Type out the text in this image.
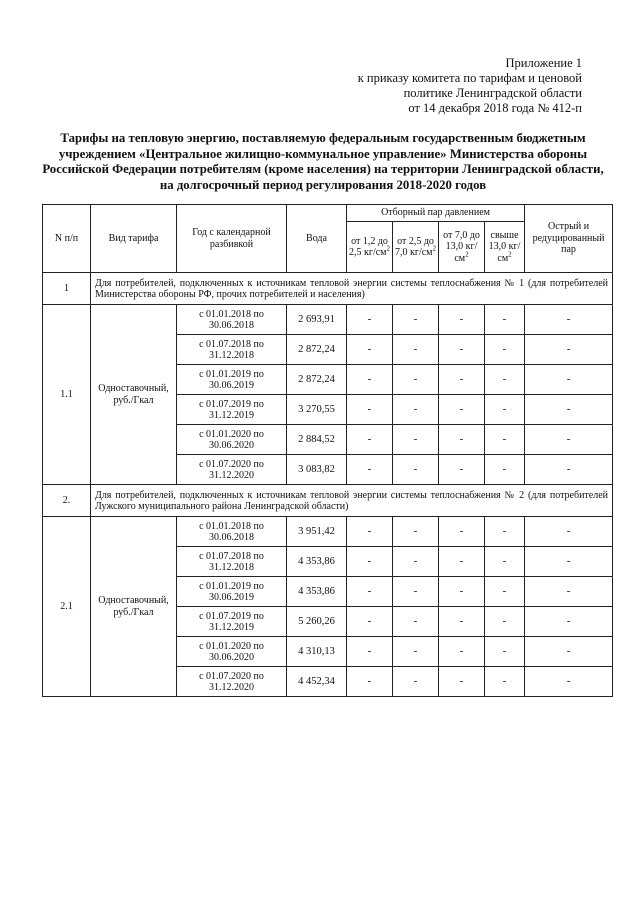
Приложение 1
к приказу комитета по тарифам и ценовой
политике Ленинградской области
от 14 декабря 2018 года № 412-п
Тарифы на тепловую энергию, поставляемую федеральным государственным бюджетным учреждением «Центральное жилищно-коммунальное управление» Министерства обороны Российской Федерации потребителям (кроме населения) на территории Ленинградской области, на долгосрочный период регулирования 2018-2020 годов
N п/п	Вид тарифа	Год с календарной разбивкой	Вода	Отборный пар давлением				Острый и редуцированный пар
				от 1,2 до 2,5 $кг/см^2$	от 2,5 до 7,0 $кг/см^2$	от 7,0 до 13,0 $кг/см^2$	свыше 13,0 $кг/см^2$
1	Для потребителей, подключенных к источникам тепловой энергии системы теплоснабжения № 1 (для потребителей Министерства обороны РФ, прочих потребителей и населения)							
1.1	Одноставочный, руб./Гкал	с 01.01.2018 по 30.06.2018	2 693,91	-	-	-	-	-
		с 01.07.2018 по 31.12.2018	2 872,24	-	-	-	-	-
		с 01.01.2019 по 30.06.2019	2 872,24	-	-	-	-	-
		с 01.07.2019 по 31.12.2019	3 270,55	-	-	-	-	-
		с 01.01.2020 по 30.06.2020	2 884,52	-	-	-	-	-
		с 01.07.2020 по 31.12.2020	3 083,82	-	-	-	-	-
2.	Для потребителей, подключенных к источникам тепловой энергии системы теплоснабжения № 2 (для потребителей Лужского муниципального района Ленинградской области)							
2.1	Одноставочный, руб./Гкал	с 01.01.2018 по 30.06.2018	3 951,42	-	-	-	-	-
		с 01.07.2018 по 31.12.2018	4 353,86	-	-	-	-	-
		с 01.01.2019 по 30.06.2019	4 353,86	-	-	-	-	-
		с 01.07.2019 по 31.12.2019	5 260,26	-	-	-	-	-
		с 01.01.2020 по 30.06.2020	4 310,13	-	-	-	-	-
		с 01.07.2020 по 31.12.2020	4 452,34	-	-	-	-	-
